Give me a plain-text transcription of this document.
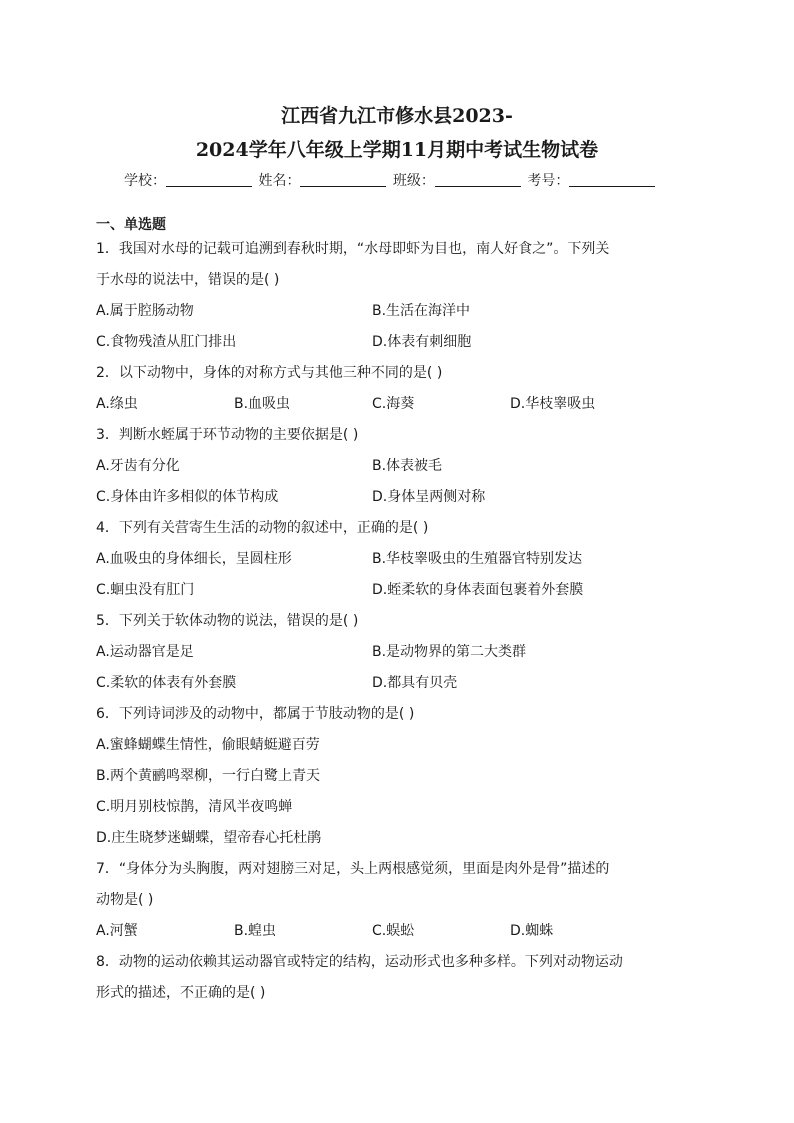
江西省九江市修水县2023-
2024学年八年级上学期11月期中考试生物试卷
学校：	姓名：	班级：	考号：
一、单选题
1．我国对水母的记载可追溯到春秋时期，“水母即虾为目也，南人好食之”。下列关
于水母的说法中，错误的是( )
A.属于腔肠动物	B.生活在海洋中
C.食物残渣从肛门排出	D.体表有刺细胞
2．以下动物中，身体的对称方式与其他三种不同的是( )
A.绦虫	B.血吸虫	C.海葵	D.华枝睾吸虫
3．判断水蛭属于环节动物的主要依据是( )
A.牙齿有分化	B.体表被毛
C.身体由许多相似的体节构成	D.身体呈两侧对称
4．下列有关营寄生生活的动物的叙述中，正确的是( )
A.血吸虫的身体细长，呈圆柱形	B.华枝睾吸虫的生殖器官特别发达
C.蛔虫没有肛门	D.蛭柔软的身体表面包裹着外套膜
5．下列关于软体动物的说法，错误的是( )
A.运动器官是足	B.是动物界的第二大类群
C.柔软的体表有外套膜	D.都具有贝壳
6．下列诗词涉及的动物中，都属于节肢动物的是( )
A.蜜蜂蝴蝶生情性，偷眼蜻蜓避百劳
B.两个黄鹂鸣翠柳，一行白鹭上青天
C.明月别枝惊鹊，清风半夜鸣蝉
D.庄生晓梦迷蝴蝶，望帝春心托杜鹃
7．“身体分为头胸腹，两对翅膀三对足，头上两根感觉须，里面是肉外是骨”描述的
动物是( )
A.河蟹	B.蝗虫	C.蜈蚣	D.蜘蛛
8．动物的运动依赖其运动器官或特定的结构，运动形式也多种多样。下列对动物运动
形式的描述，不正确的是( )
